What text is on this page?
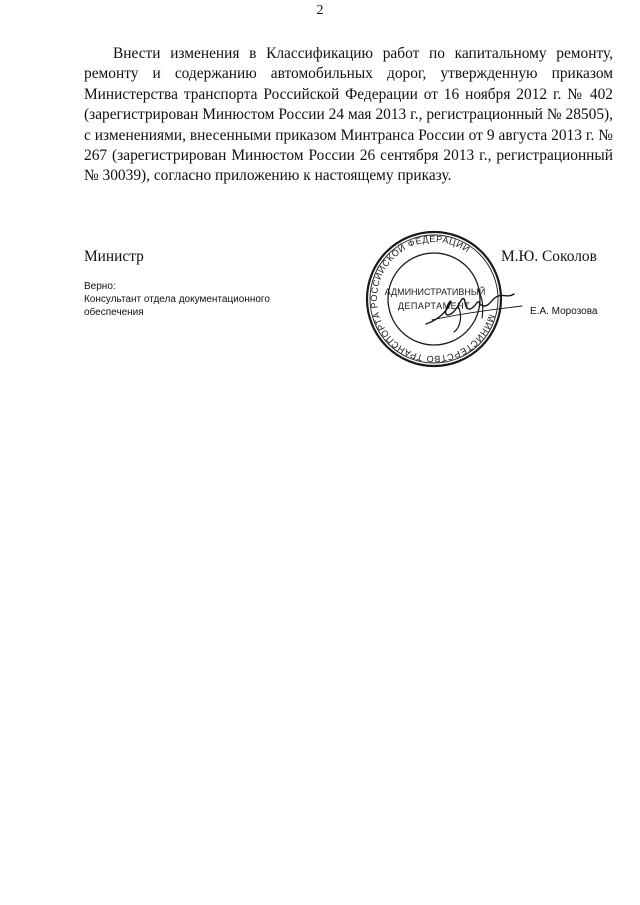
2

Внести изменения в Классификацию работ по капитальному ремонту, ремонту и содержанию автомобильных дорог, утвержденную приказом Министерства транспорта Российской Федерации от 16 ноября 2012 г. № 402 (зарегистрирован Минюстом России 24 мая 2013 г., регистрационный № 28505), с изменениями, внесенными приказом Минтранса России от 9 августа 2013 г. № 267 (зарегистрирован Минюстом России 26 сентября 2013 г., регистрационный № 30039), согласно приложению к настоящему приказу.

Министр	М.Ю. Соколов
Верно:
Консультант отдела документационного обеспечения	Е.А. Морозова
МИНИСТЕРСТВО ТРАНСПОРТА РОССИЙСКОЙ ФЕДЕРАЦИИ
АДМИНИСТРАТИВНЫЙ
ДЕПАРТАМЕНТ
